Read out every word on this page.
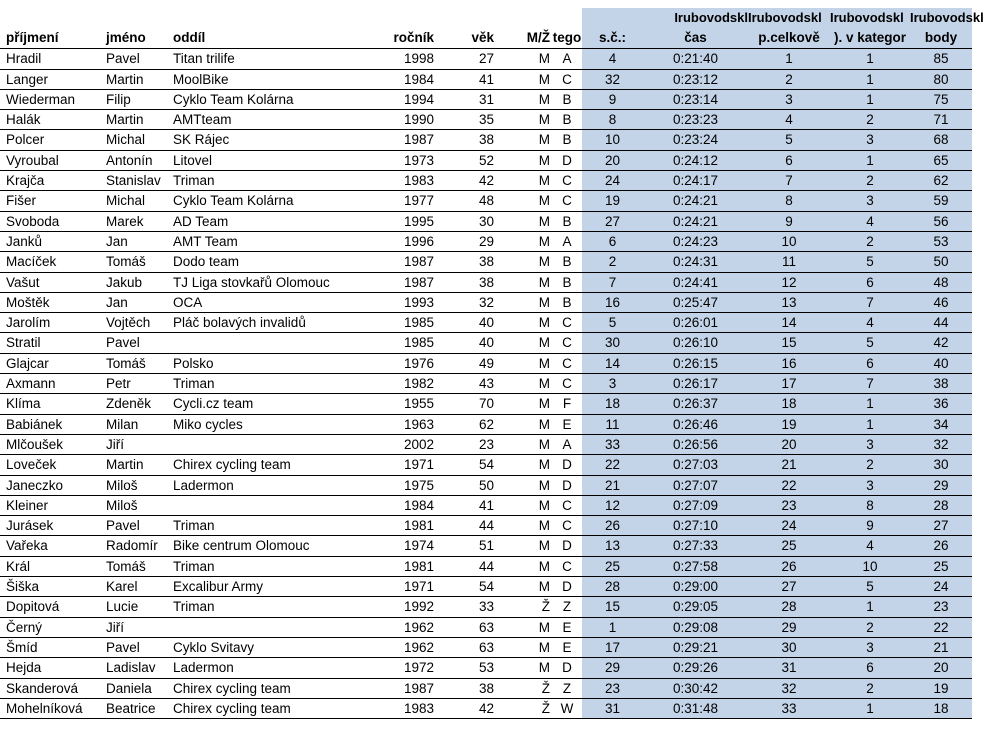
							Irubovodskl		Irubovodskl	Irubovodskl	Irubovodskl
příjmení	jméno	oddíl	ročník	věk	M/Ž	tego	s.č.:	čas	p.celkově	). v kategor	body
Hradil	Pavel	Titan trilife	1998	27	M	A	4	0:21:40	1	1	85
Langer	Martin	MoolBike	1984	41	M	C	32	0:23:12	2	1	80
Wiederman	Filip	Cyklo Team Kolárna	1994	31	M	B	9	0:23:14	3	1	75
Halák	Martin	AMTteam	1990	35	M	B	8	0:23:23	4	2	71
Polcer	Michal	SK Rájec	1987	38	M	B	10	0:23:24	5	3	68
Vyroubal	Antonín	Litovel	1973	52	M	D	20	0:24:12	6	1	65
Krajča	Stanislav	Triman	1983	42	M	C	24	0:24:17	7	2	62
Fišer	Michal	Cyklo Team Kolárna	1977	48	M	C	19	0:24:21	8	3	59
Svoboda	Marek	AD Team	1995	30	M	B	27	0:24:21	9	4	56
Janků	Jan	AMT Team	1996	29	M	A	6	0:24:23	10	2	53
Macíček	Tomáš	Dodo team	1987	38	M	B	2	0:24:31	11	5	50
Vašut	Jakub	TJ Liga stovkařů Olomouc	1987	38	M	B	7	0:24:41	12	6	48
Moštěk	Jan	OCA	1993	32	M	B	16	0:25:47	13	7	46
Jarolím	Vojtěch	Pláč bolavých invalidů	1985	40	M	C	5	0:26:01	14	4	44
Stratil	Pavel		1985	40	M	C	30	0:26:10	15	5	42
Glajcar	Tomáš	Polsko	1976	49	M	C	14	0:26:15	16	6	40
Axmann	Petr	Triman	1982	43	M	C	3	0:26:17	17	7	38
Klíma	Zdeněk	Cycli.cz team	1955	70	M	F	18	0:26:37	18	1	36
Babiánek	Milan	Miko cycles	1963	62	M	E	11	0:26:46	19	1	34
Mlčoušek	Jiří		2002	23	M	A	33	0:26:56	20	3	32
Loveček	Martin	Chirex cycling team	1971	54	M	D	22	0:27:03	21	2	30
Janeczko	Miloš	Ladermon	1975	50	M	D	21	0:27:07	22	3	29
Kleiner	Miloš		1984	41	M	C	12	0:27:09	23	8	28
Jurásek	Pavel	Triman	1981	44	M	C	26	0:27:10	24	9	27
Vařeka	Radomír	Bike centrum Olomouc	1974	51	M	D	13	0:27:33	25	4	26
Král	Tomáš	Triman	1981	44	M	C	25	0:27:58	26	10	25
Šiška	Karel	Excalibur Army	1971	54	M	D	28	0:29:00	27	5	24
Dopitová	Lucie	Triman	1992	33	Ž	Z	15	0:29:05	28	1	23
Černý	Jiří		1962	63	M	E	1	0:29:08	29	2	22
Šmíd	Pavel	Cyklo Svitavy	1962	63	M	E	17	0:29:21	30	3	21
Hejda	Ladislav	Ladermon	1972	53	M	D	29	0:29:26	31	6	20
Skanderová	Daniela	Chirex cycling team	1987	38	Ž	Z	23	0:30:42	32	2	19
Mohelníková	Beatrice	Chirex cycling team	1983	42	Ž	W	31	0:31:48	33	1	18
